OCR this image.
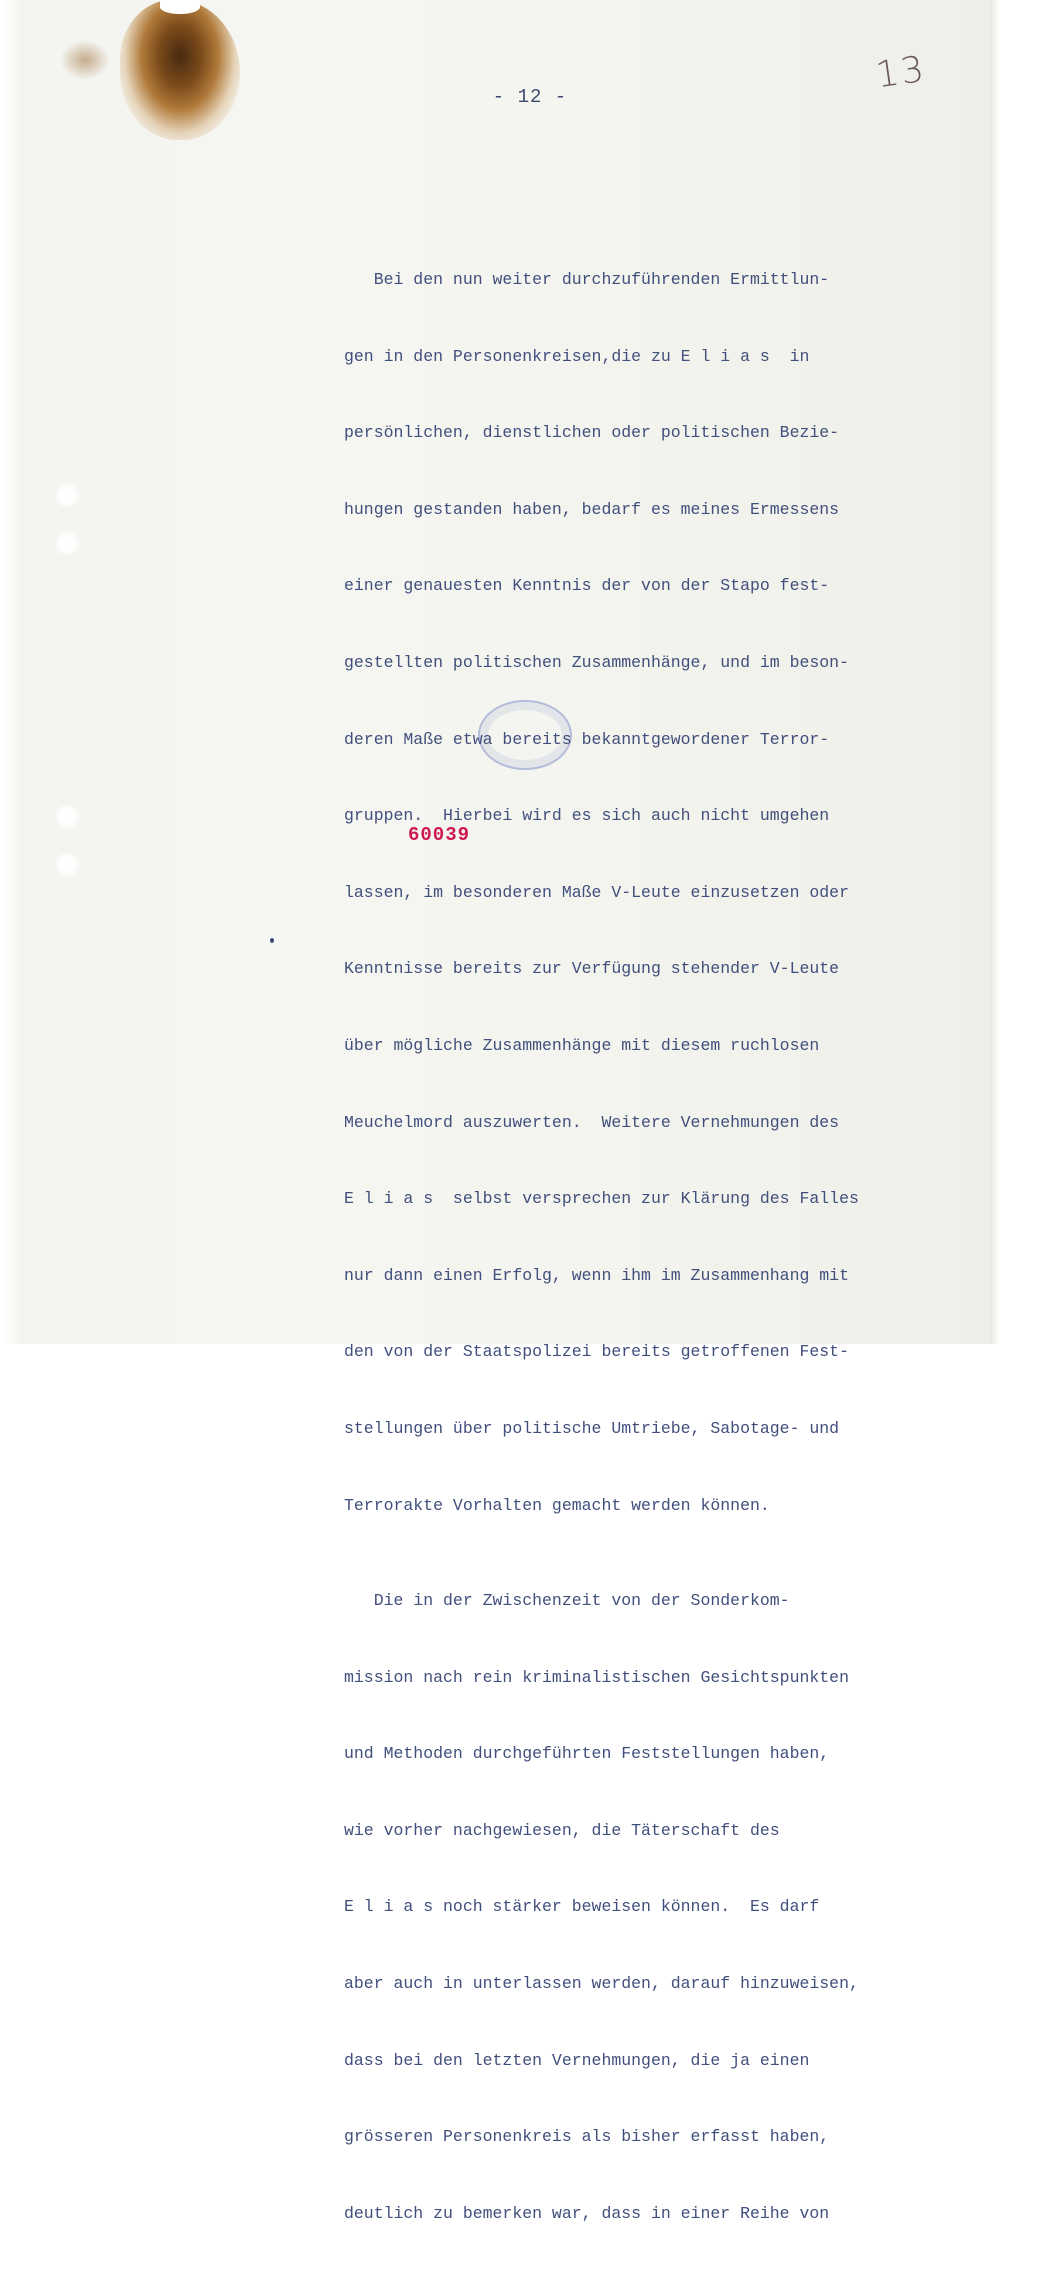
- 12 -
13

Bei den nun weiter durchzuführenden Ermittlun-

gen in den Personenkreisen,die zu E l i a s  in

persönlichen, dienstlichen oder politischen Bezie-

hungen gestanden haben, bedarf es meines Ermessens

einer genauesten Kenntnis der von der Stapo fest-

gestellten politischen Zusammenhänge, und im beson-

deren Maße etwa bereits bekanntgewordener Terror-

gruppen.  Hierbei wird es sich auch nicht umgehen

lassen, im besonderen Maße V-Leute einzusetzen oder

Kenntnisse bereits zur Verfügung stehender V-Leute

über mögliche Zusammenhänge mit diesem ruchlosen

Meuchelmord auszuwerten.  Weitere Vernehmungen des

E l i a s  selbst versprechen zur Klärung des Falles

nur dann einen Erfolg, wenn ihm im Zusammenhang mit

den von der Staatspolizei bereits getroffenen Fest-

stellungen über politische Umtriebe, Sabotage- und

Terrorakte Vorhalten gemacht werden können.

Die in der Zwischenzeit von der Sonderkom-

mission nach rein kriminalistischen Gesichtspunkten

und Methoden durchgeführten Feststellungen haben,

wie vorher nachgewiesen, die Täterschaft des

E l i a s noch stärker beweisen können.  Es darf

aber auch in unterlassen werden, darauf hinzuweisen,

dass bei den letzten Vernehmungen, die ja einen

grösseren Personenkreis als bisher erfasst haben,

deutlich zu bemerken war, dass in einer Reihe von

60039
